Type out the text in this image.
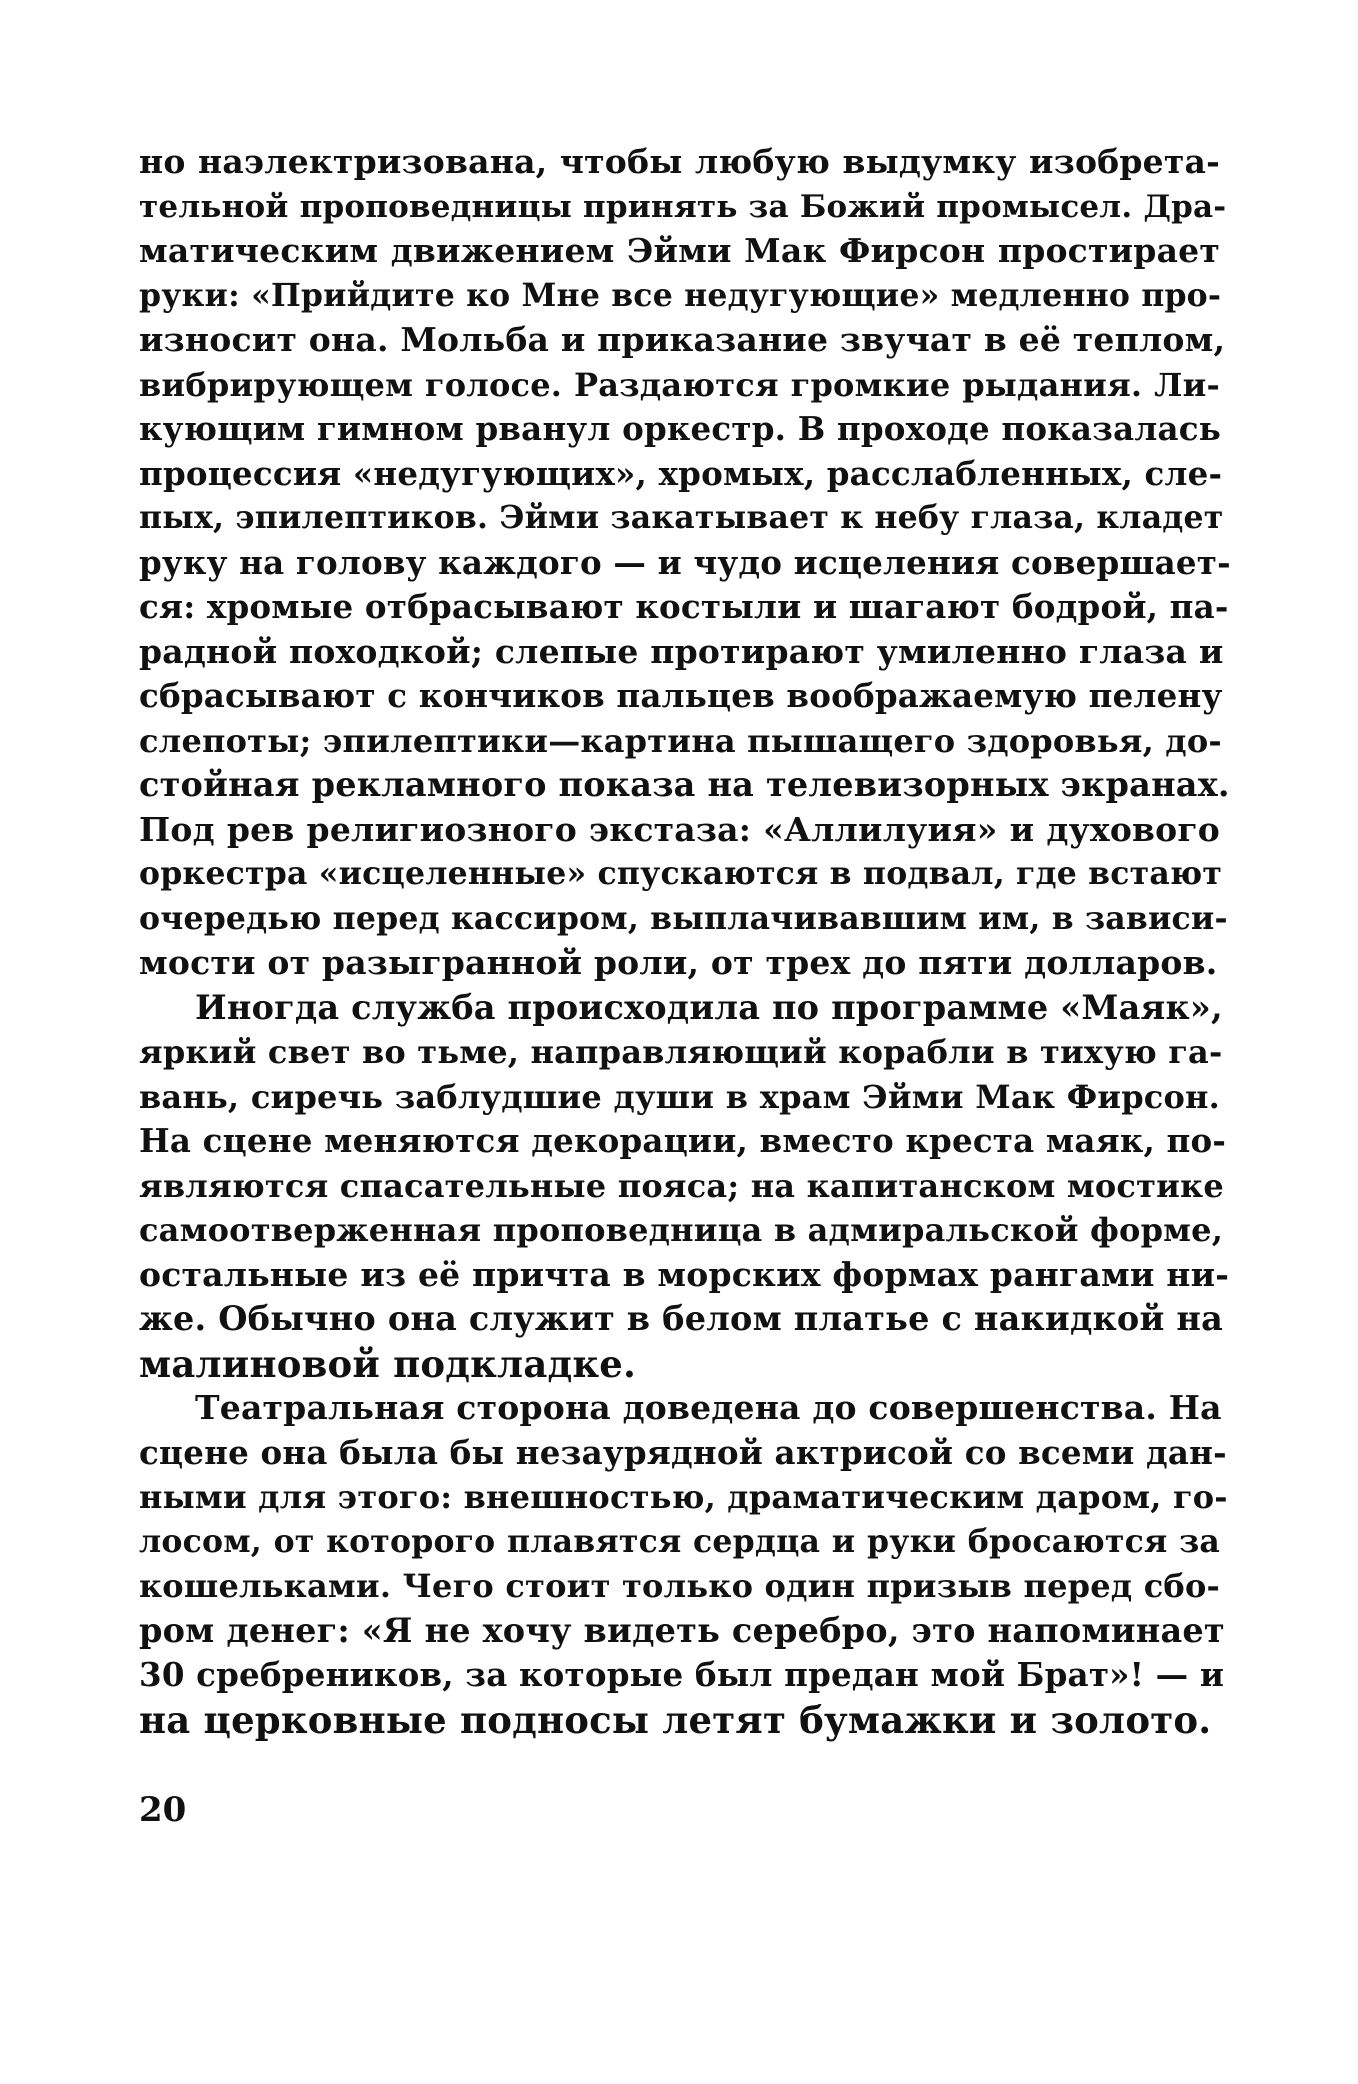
но наэлектризована, чтобы любую выдумку изобрета-
тельной проповедницы принять за Божий промысел. Дра-
матическим движением Эйми Мак Фирсон простирает
руки: «Прийдите ко Мне все недугующие» медленно про-
износит она. Мольба и приказание звучат в её теплом,
вибрирующем голосе. Раздаются громкие рыдания. Ли-
кующим гимном рванул оркестр. В проходе показалась
процессия «недугующих», хромых, расслабленных, сле-
пых, эпилептиков. Эйми закатывает к небу глаза, кладет
руку на голову каждого — и чудо исцеления совершает-
ся: хромые отбрасывают костыли и шагают бодрой, па-
радной походкой; слепые протирают умиленно глаза и
сбрасывают с кончиков пальцев воображаемую пелену
слепоты; эпилептики—картина пышащего здоровья, до-
стойная рекламного показа на телевизорных экранах.
Под рев религиозного экстаза: «Аллилуия» и духового
оркестра «исцеленные» спускаются в подвал, где встают
очередью перед кассиром, выплачивавшим им, в зависи-
мости от разыгранной роли, от трех до пяти долларов.
Иногда служба происходила по программе «Маяк»,
яркий свет во тьме, направляющий корабли в тихую га-
вань, сиречь заблудшие души в храм Эйми Мак Фирсон.
На сцене меняются декорации, вместо креста маяк, по-
являются спасательные пояса; на капитанском мостике
самоотверженная проповедница в адмиральской форме,
остальные из её причта в морских формах рангами ни-
же. Обычно она служит в белом платье с накидкой на
малиновой подкладке.
Театральная сторона доведена до совершенства. На
сцене она была бы незаурядной актрисой со всеми дан-
ными для этого: внешностью, драматическим даром, го-
лосом, от которого плавятся сердца и руки бросаются за
кошельками. Чего стоит только один призыв перед сбо-
ром денег: «Я не хочу видеть серебро, это напоминает
30 сребреников, за которые был предан мой Брат»! — и
на церковные подносы летят бумажки и золото.
20
